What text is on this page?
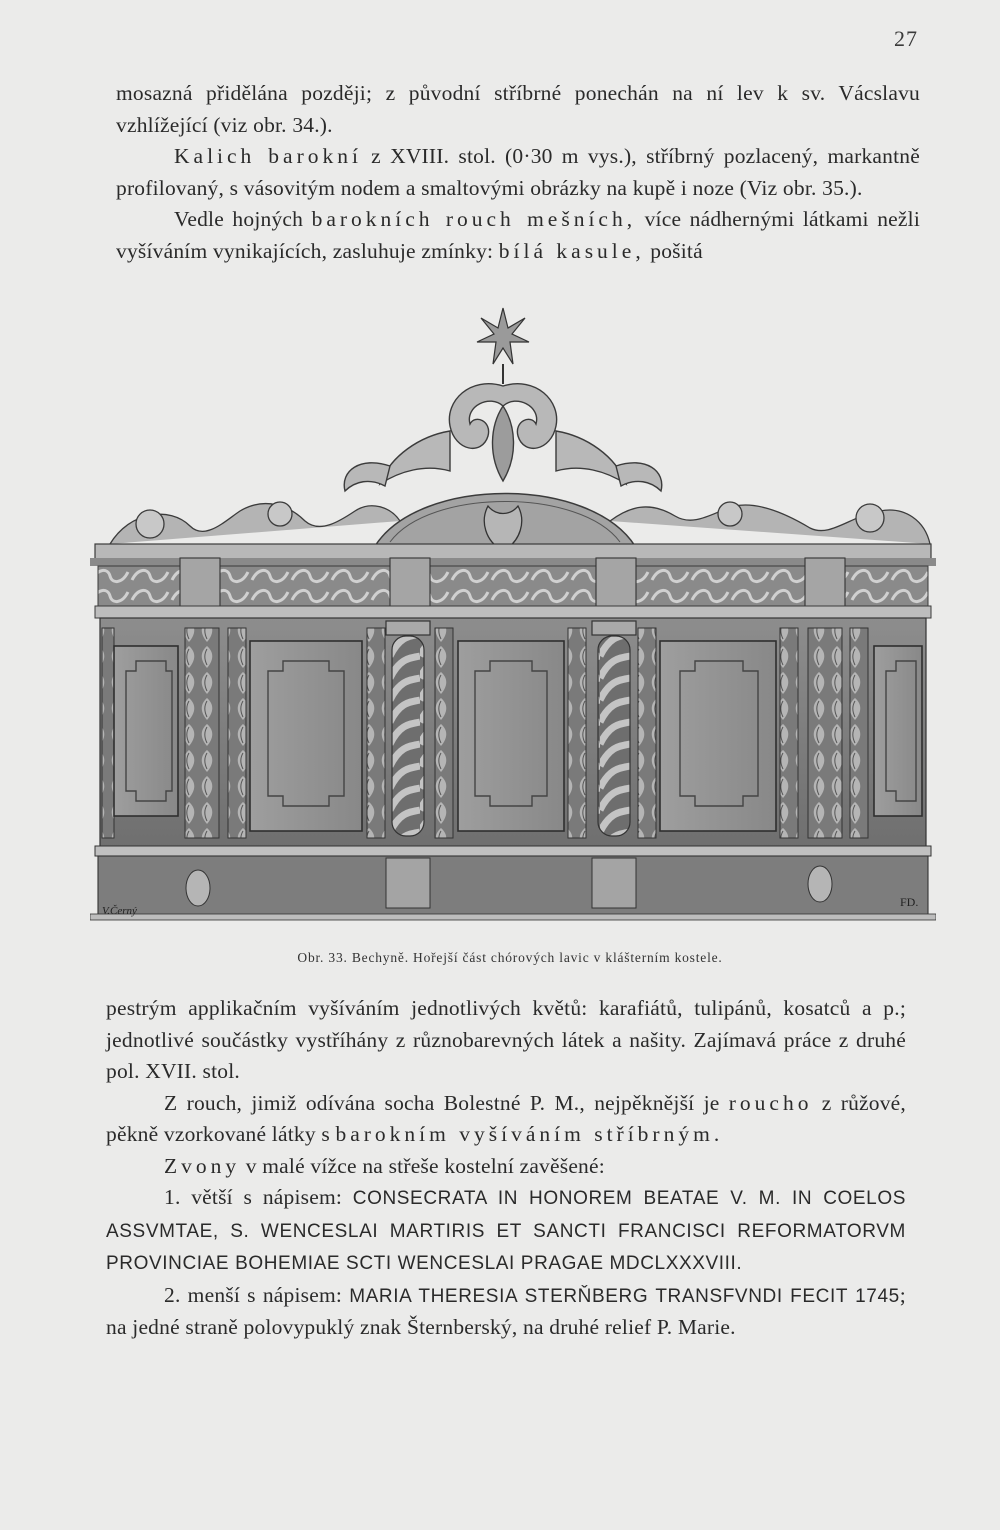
27

mosazná přidělána později; z původní stříbrné ponechán na ní lev k sv. Vácslavu vzhlížející (viz obr. 34.).

Kalich barokní z XVIII. stol. (0·30 m vys.), stříbrný pozlacený, markantně profilovaný, s vásovitým nodem a smaltovými obrázky na kupě i noze (Viz obr. 35.).

Vedle hojných barokních rouch mešních, více nádhernými látkami nežli vyšíváním vynikajících, zasluhuje zmínky: bílá kasule, pošitá

V.Černý
FD.
Obr. 33. Bechyně. Hořejší část chórových lavic v klášterním kostele.

pestrým applikačním vyšíváním jednotlivých květů: karafiátů, tulipánů, kosatců a p.; jednotlivé součástky vystříhány z různobarevných látek a našity. Zajímavá práce z druhé pol. XVII. stol.

Z rouch, jimiž odívána socha Bolestné P. M., nejpěknější je roucho z růžové, pěkně vzorkované látky s barokním vyšíváním stříbrným.

Zvony v malé vížce na střeše kostelní zavěšené:

1. větší s nápisem: CONSECRATA IN HONOREM BEATAE V. M. IN COELOS ASSVMTAE, S. WENCESLAI MARTIRIS ET SANCTI FRANCISCI REFORMATORVM PROVINCIAE BOHEMIAE SCTI WENCESLAI PRAGAE MDCLXXXVIII.

2. menší s nápisem: MARIA THERESIA STERŇBERG TRANSFVNDI FECIT 1745; na jedné straně polovypuklý znak Šternberský, na druhé relief P. Marie.
